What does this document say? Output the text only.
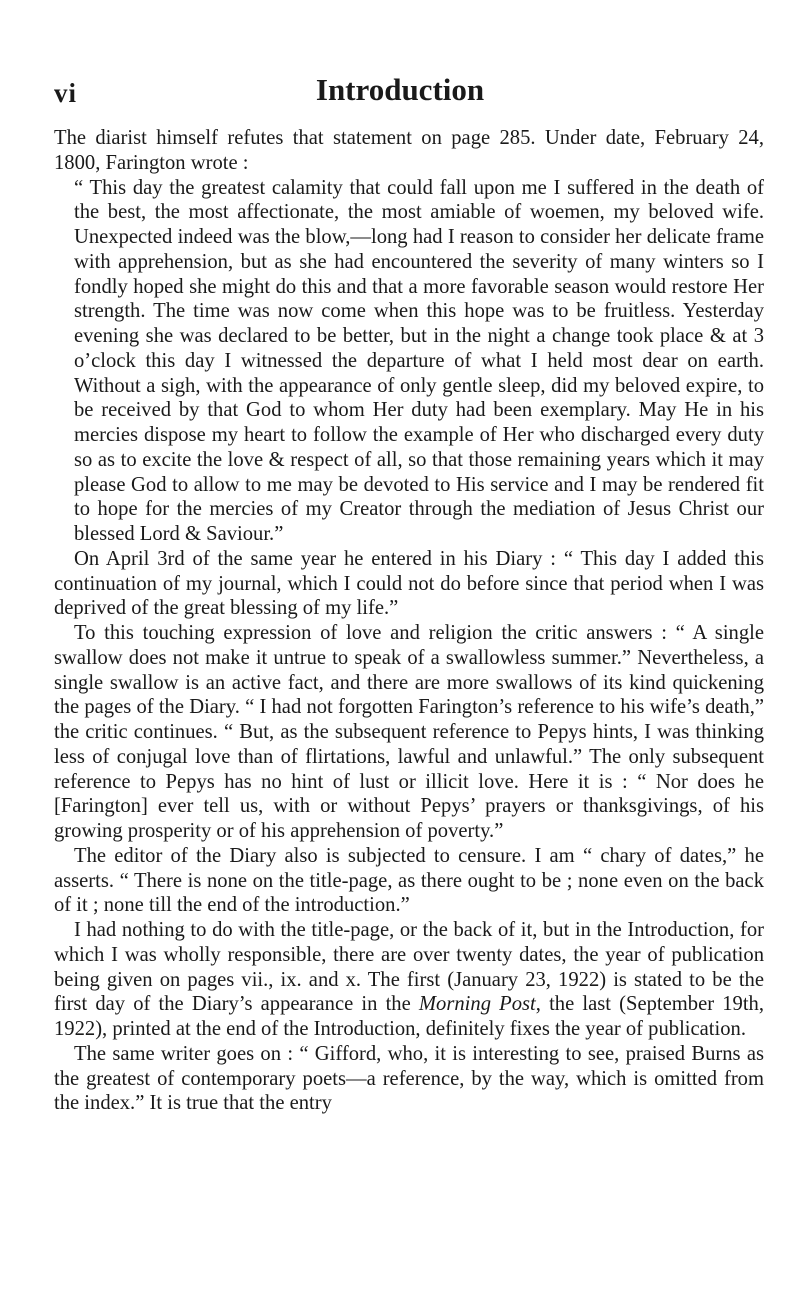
vi	Introduction

The diarist himself refutes that statement on page 285. Under date, February 24, 1800, Farington wrote :

“ This day the greatest calamity that could fall upon me I suffered in the death of the best, the most affectionate, the most amiable of woemen, my beloved wife. Unexpected indeed was the blow,—long had I reason to consider her delicate frame with apprehension, but as she had encountered the severity of many winters so I fondly hoped she might do this and that a more favorable season would restore Her strength. The time was now come when this hope was to be fruitless. Yesterday evening she was declared to be better, but in the night a change took place & at 3 o’clock this day I witnessed the departure of what I held most dear on earth. Without a sigh, with the appearance of only gentle sleep, did my beloved expire, to be received by that God to whom Her duty had been exemplary. May He in his mercies dispose my heart to follow the example of Her who discharged every duty so as to excite the love & respect of all, so that those remaining years which it may please God to allow to me may be devoted to His service and I may be rendered fit to hope for the mercies of my Creator through the mediation of Jesus Christ our blessed Lord & Saviour.”

On April 3rd of the same year he entered in his Diary : “ This day I added this continuation of my journal, which I could not do before since that period when I was deprived of the great blessing of my life.”

To this touching expression of love and religion the critic answers : “ A single swallow does not make it untrue to speak of a swallowless summer.” Nevertheless, a single swallow is an active fact, and there are more swallows of its kind quickening the pages of the Diary. “ I had not forgotten Farington’s reference to his wife’s death,” the critic continues. “ But, as the subsequent reference to Pepys hints, I was thinking less of conjugal love than of flirtations, lawful and unlawful.” The only subsequent reference to Pepys has no hint of lust or illicit love. Here it is : “ Nor does he [Farington] ever tell us, with or without Pepys’ prayers or thanksgivings, of his growing prosperity or of his apprehension of poverty.”

The editor of the Diary also is subjected to censure. I am “ chary of dates,” he asserts. “ There is none on the title-page, as there ought to be ; none even on the back of it ; none till the end of the introduction.”

I had nothing to do with the title-page, or the back of it, but in the Introduction, for which I was wholly responsible, there are over twenty dates, the year of publication being given on pages vii., ix. and x. The first (January 23, 1922) is stated to be the first day of the Diary’s appearance in the Morning Post, the last (September 19th, 1922), printed at the end of the Introduction, definitely fixes the year of publication.

The same writer goes on : “ Gifford, who, it is interesting to see, praised Burns as the greatest of contemporary poets—a reference, by the way, which is omitted from the index.” It is true that the entry
